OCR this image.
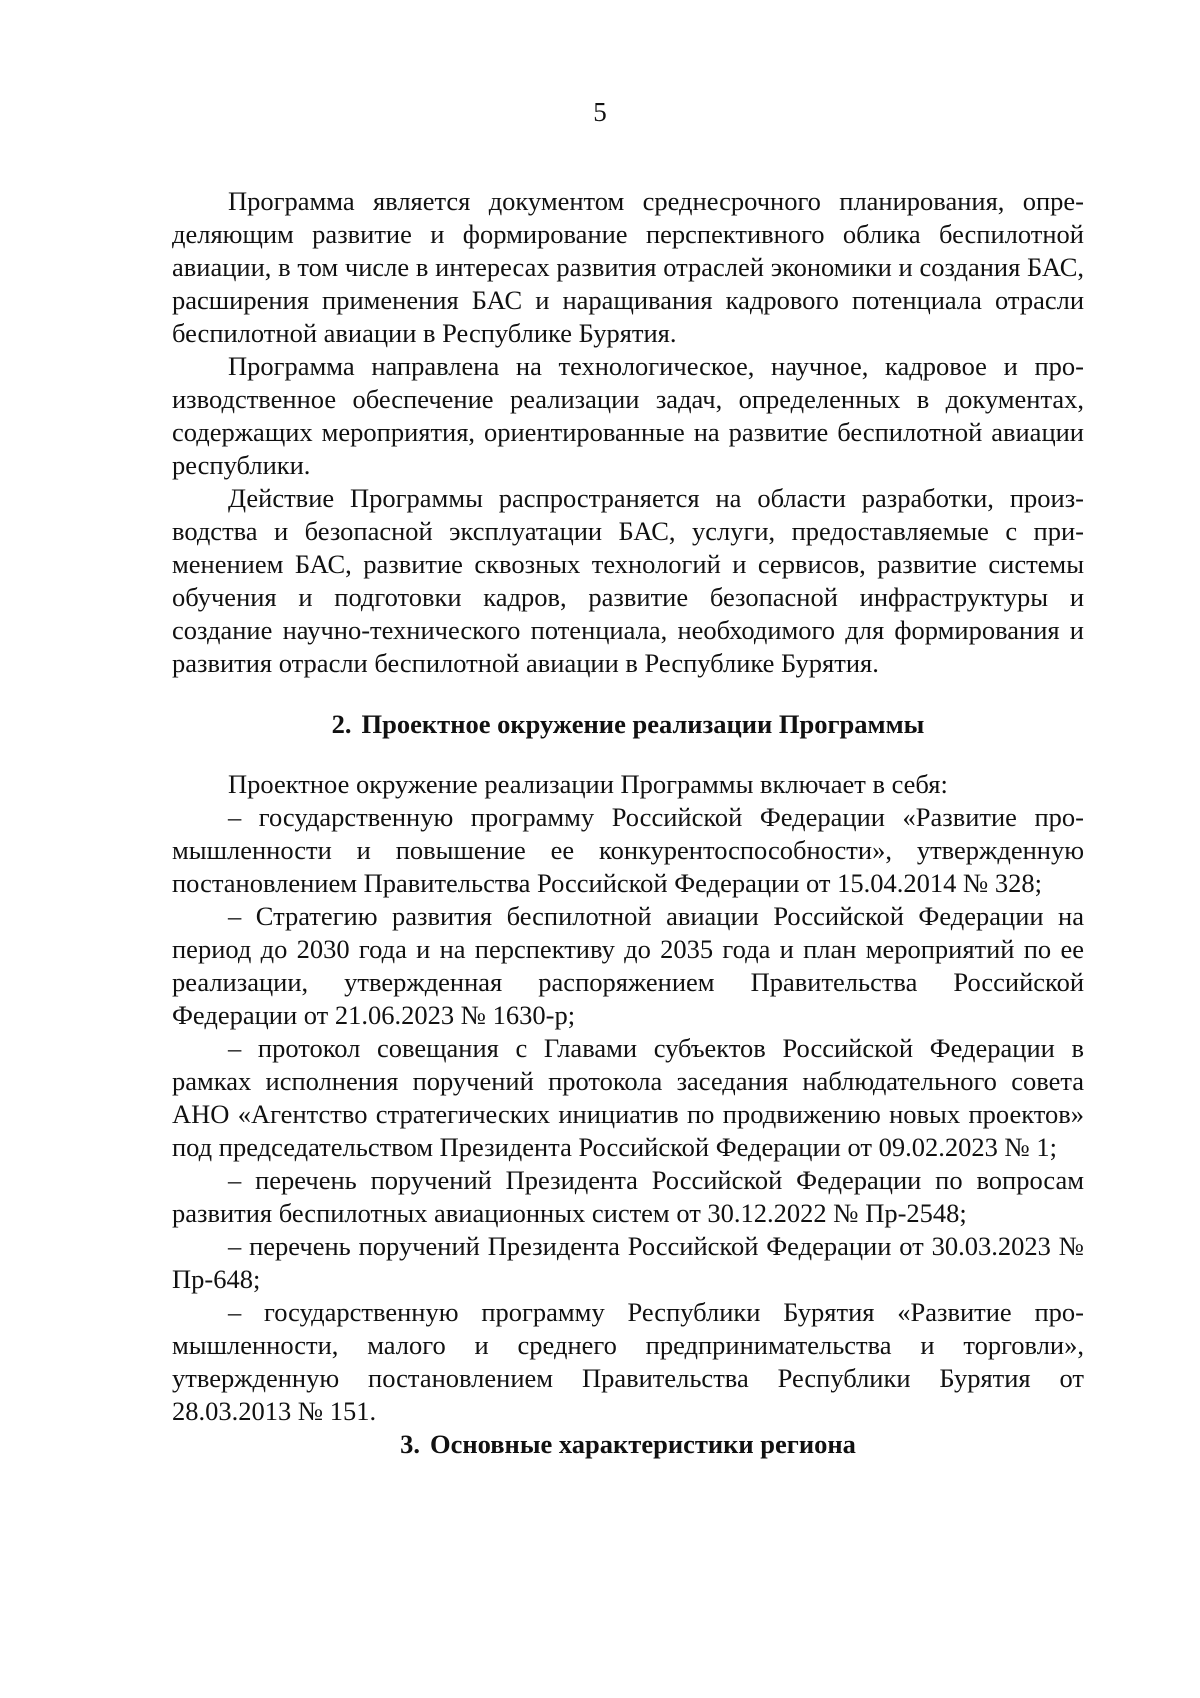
5

Программа является документом среднесрочного планирования, определяющим развитие и формирование перспективного облика беспилотной авиации, в том числе в интересах развития отраслей экономики и создания БАС, расширения применения БАС и наращивания кадрового потенциала отрасли беспилотной авиации в Республике Бурятия.

Программа направлена на технологическое, научное, кадровое и производственное обеспечение реализации задач, определенных в документах, содержащих мероприятия, ориентированные на развитие беспилотной авиации республики.

Действие Программы распространяется на области разработки, производства и безопасной эксплуатации БАС, услуги, предоставляемые с применением БАС, развитие сквозных технологий и сервисов, развитие системы обучения и подготовки кадров, развитие безопасной инфраструктуры и создание научно-технического потенциала, необходимого для формирования и развития отрасли беспилотной авиации в Республике Бурятия.

2. Проектное окружение реализации Программы

Проектное окружение реализации Программы включает в себя:

– государственную программу Российской Федерации «Развитие промышленности и повышение ее конкурентоспособности», утвержденную постановлением Правительства Российской Федерации от 15.04.2014 № 328;

– Стратегию развития беспилотной авиации Российской Федерации на период до 2030 года и на перспективу до 2035 года и план мероприятий по ее реализации, утвержденная распоряжением Правительства Российской Федерации от 21.06.2023 № 1630-р;

– протокол совещания с Главами субъектов Российской Федерации в рамках исполнения поручений протокола заседания наблюдательного совета АНО «Агентство стратегических инициатив по продвижению новых проектов» под председательством Президента Российской Федерации от 09.02.2023 № 1;

– перечень поручений Президента Российской Федерации по вопросам развития беспилотных авиационных систем от 30.12.2022 № Пр-2548;

– перечень поручений Президента Российской Федерации от 30.03.2023 № Пр-648;

– государственную программу Республики Бурятия «Развитие промышленности, малого и среднего предпринимательства и торговли», утвержденную постановлением Правительства Республики Бурятия от 28.03.2013 № 151.

3. Основные характеристики региона
